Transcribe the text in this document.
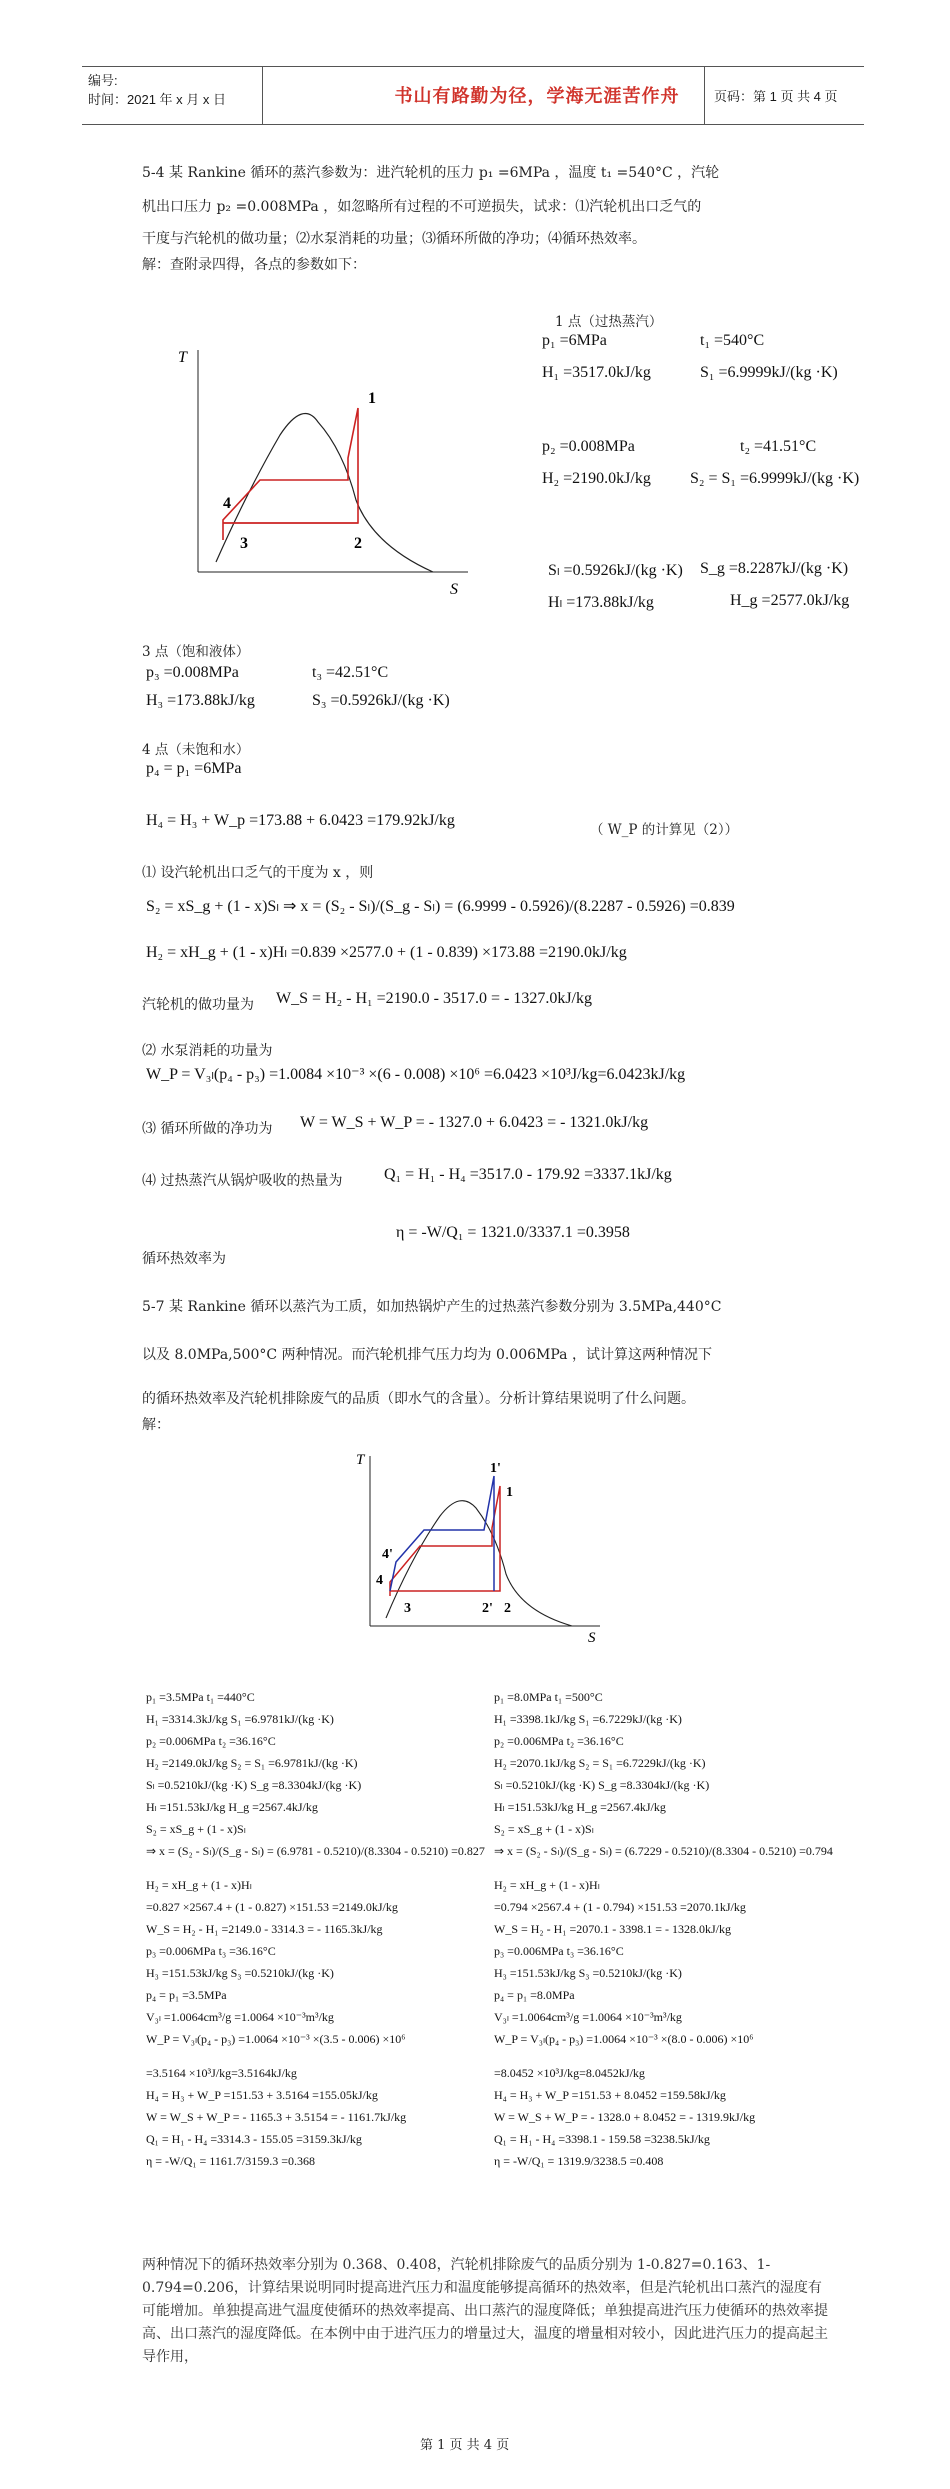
编号:
时间：2021 年 x 月 x 日	书山有路勤为径，学海无涯苦作舟	页码：第 1 页 共 4 页
5-4 某 Rankine 循环的蒸汽参数为：进汽轮机的压力 p₁ =6MPa ，温度 t₁ =540°C ，汽轮
机出口压力 p₂ =0.008MPa ，如忽略所有过程的不可逆损失，试求：⑴汽轮机出口乏气的
干度与汽轮机的做功量；⑵水泵消耗的功量；⑶循环所做的净功；⑷循环热效率。
解：查附录四得，各点的参数如下：
T
S
1
2
3
4
1 点（过热蒸汽）
p₁ =6MPa	t₁ =540°C
H₁ =3517.0kJ/kg	S₁ =6.9999kJ/(kg ·K)
p₂ =0.008MPa	t₂ =41.51°C
H₂ =2190.0kJ/kg S₂ = S₁ =6.9999kJ/(kg ·K)
Sₗ =0.5926kJ/(kg ·K) S_g =8.2287kJ/(kg ·K)
Hₗ =173.88kJ/kg	H_g =2577.0kJ/kg
3 点（饱和液体）
p₃ =0.008MPa	t₃ =42.51°C
H₃ =173.88kJ/kg	S₃ =0.5926kJ/(kg ·K)
4 点（未饱和水）
p₄ = p₁ =6MPa
H₄ = H₃ + W_p =173.88 + 6.0423 =179.92kJ/kg
（ W_P 的计算见（2））
⑴ 设汽轮机出口乏气的干度为 x ，则
S₂ = xS_g + (1 - x)Sₗ ⇒ x = (S₂ - Sₗ)/(S_g - Sₗ) = (6.9999 - 0.5926)/(8.2287 - 0.5926) =0.839
H₂ = xH_g + (1 - x)Hₗ =0.839 ×2577.0 + (1 - 0.839) ×173.88 =2190.0kJ/kg
汽轮机的做功量为 W_S = H₂ - H₁ =2190.0 - 3517.0 = - 1327.0kJ/kg
⑵ 水泵消耗的功量为
W_P = V₃ₗ(p₄ - p₃) =1.0084 ×10⁻³ ×(6 - 0.008) ×10⁶ =6.0423 ×10³J/kg=6.0423kJ/kg
⑶ 循环所做的净功为 W = W_S + W_P = - 1327.0 + 6.0423 = - 1321.0kJ/kg
⑷ 过热蒸汽从锅炉吸收的热量为	Q₁ = H₁ - H₄ =3517.0 - 179.92 =3337.1kJ/kg
η = -W/Q₁ = 1321.0/3337.1 =0.3958
循环热效率为
5-7 某 Rankine 循环以蒸汽为工质，如加热锅炉产生的过热蒸汽参数分别为 3.5MPa,440°C
以及 8.0MPa,500°C 两种情况。而汽轮机排气压力均为 0.006MPa ，试计算这两种情况下
的循环热效率及汽轮机排除废气的品质（即水气的含量）。分析计算结果说明了什么问题。
解：
T
S
1'
1
4'
4
3	2' 2
p₁ =3.5MPa t₁ =440°C
H₁ =3314.3kJ/kg S₁ =6.9781kJ/(kg ·K)
p₂ =0.006MPa t₂ =36.16°C
H₂ =2149.0kJ/kg S₂ = S₁ =6.9781kJ/(kg ·K)
Sₗ =0.5210kJ/(kg ·K) S_g =8.3304kJ/(kg ·K)
Hₗ =151.53kJ/kg H_g =2567.4kJ/kg
S₂ = xS_g + (1 - x)Sₗ
⇒ x = (S₂ - Sₗ)/(S_g - Sₗ) = (6.9781 - 0.5210)/(8.3304 - 0.5210) =0.827
H₂ = xH_g + (1 - x)Hₗ
=0.827 ×2567.4 + (1 - 0.827) ×151.53 =2149.0kJ/kg
W_S = H₂ - H₁ =2149.0 - 3314.3 = - 1165.3kJ/kg
p₃ =0.006MPa t₃ =36.16°C
H₃ =151.53kJ/kg S₃ =0.5210kJ/(kg ·K)
p₄ = p₁ =3.5MPa
V₃ₗ =1.0064cm³/g =1.0064 ×10⁻³m³/kg
W_P = V₃ₗ(p₄ - p₃) =1.0064 ×10⁻³ ×(3.5 - 0.006) ×10⁶
=3.5164 ×10³J/kg=3.5164kJ/kg
H₄ = H₃ + W_P =151.53 + 3.5164 =155.05kJ/kg
W = W_S + W_P = - 1165.3 + 3.5154 = - 1161.7kJ/kg
Q₁ = H₁ - H₄ =3314.3 - 155.05 =3159.3kJ/kg
η = -W/Q₁ = 1161.7/3159.3 =0.368
p₁ =8.0MPa t₁ =500°C
H₁ =3398.1kJ/kg S₁ =6.7229kJ/(kg ·K)
p₂ =0.006MPa t₂ =36.16°C
H₂ =2070.1kJ/kg S₂ = S₁ =6.7229kJ/(kg ·K)
Sₗ =0.5210kJ/(kg ·K) S_g =8.3304kJ/(kg ·K)
Hₗ =151.53kJ/kg H_g =2567.4kJ/kg
S₂ = xS_g + (1 - x)Sₗ
⇒ x = (S₂ - Sₗ)/(S_g - Sₗ) = (6.7229 - 0.5210)/(8.3304 - 0.5210) =0.794
H₂ = xH_g + (1 - x)Hₗ
=0.794 ×2567.4 + (1 - 0.794) ×151.53 =2070.1kJ/kg
W_S = H₂ - H₁ =2070.1 - 3398.1 = - 1328.0kJ/kg
p₃ =0.006MPa t₃ =36.16°C
H₃ =151.53kJ/kg S₃ =0.5210kJ/(kg ·K)
p₄ = p₁ =8.0MPa
V₃ₗ =1.0064cm³/g =1.0064 ×10⁻³m³/kg
W_P = V₃ₗ(p₄ - p₃) =1.0064 ×10⁻³ ×(8.0 - 0.006) ×10⁶
=8.0452 ×10³J/kg=8.0452kJ/kg
H₄ = H₃ + W_P =151.53 + 8.0452 =159.58kJ/kg
W = W_S + W_P = - 1328.0 + 8.0452 = - 1319.9kJ/kg
Q₁ = H₁ - H₄ =3398.1 - 159.58 =3238.5kJ/kg
η = -W/Q₁ = 1319.9/3238.5 =0.408
两种情况下的循环热效率分别为 0.368、0.408，汽轮机排除废气的品质分别为 1-0.827=0.163、1-0.794=0.206，计算结果说明同时提高进汽压力和温度能够提高循环的热效率，但是汽轮机出口蒸汽的湿度有可能增加。单独提高进气温度使循环的热效率提高、出口蒸汽的湿度降低；单独提高进汽压力使循环的热效率提高、出口蒸汽的湿度降低。在本例中由于进汽压力的增量过大，温度的增量相对较小，因此进汽压力的提高起主导作用，
第 1 页 共 4 页
